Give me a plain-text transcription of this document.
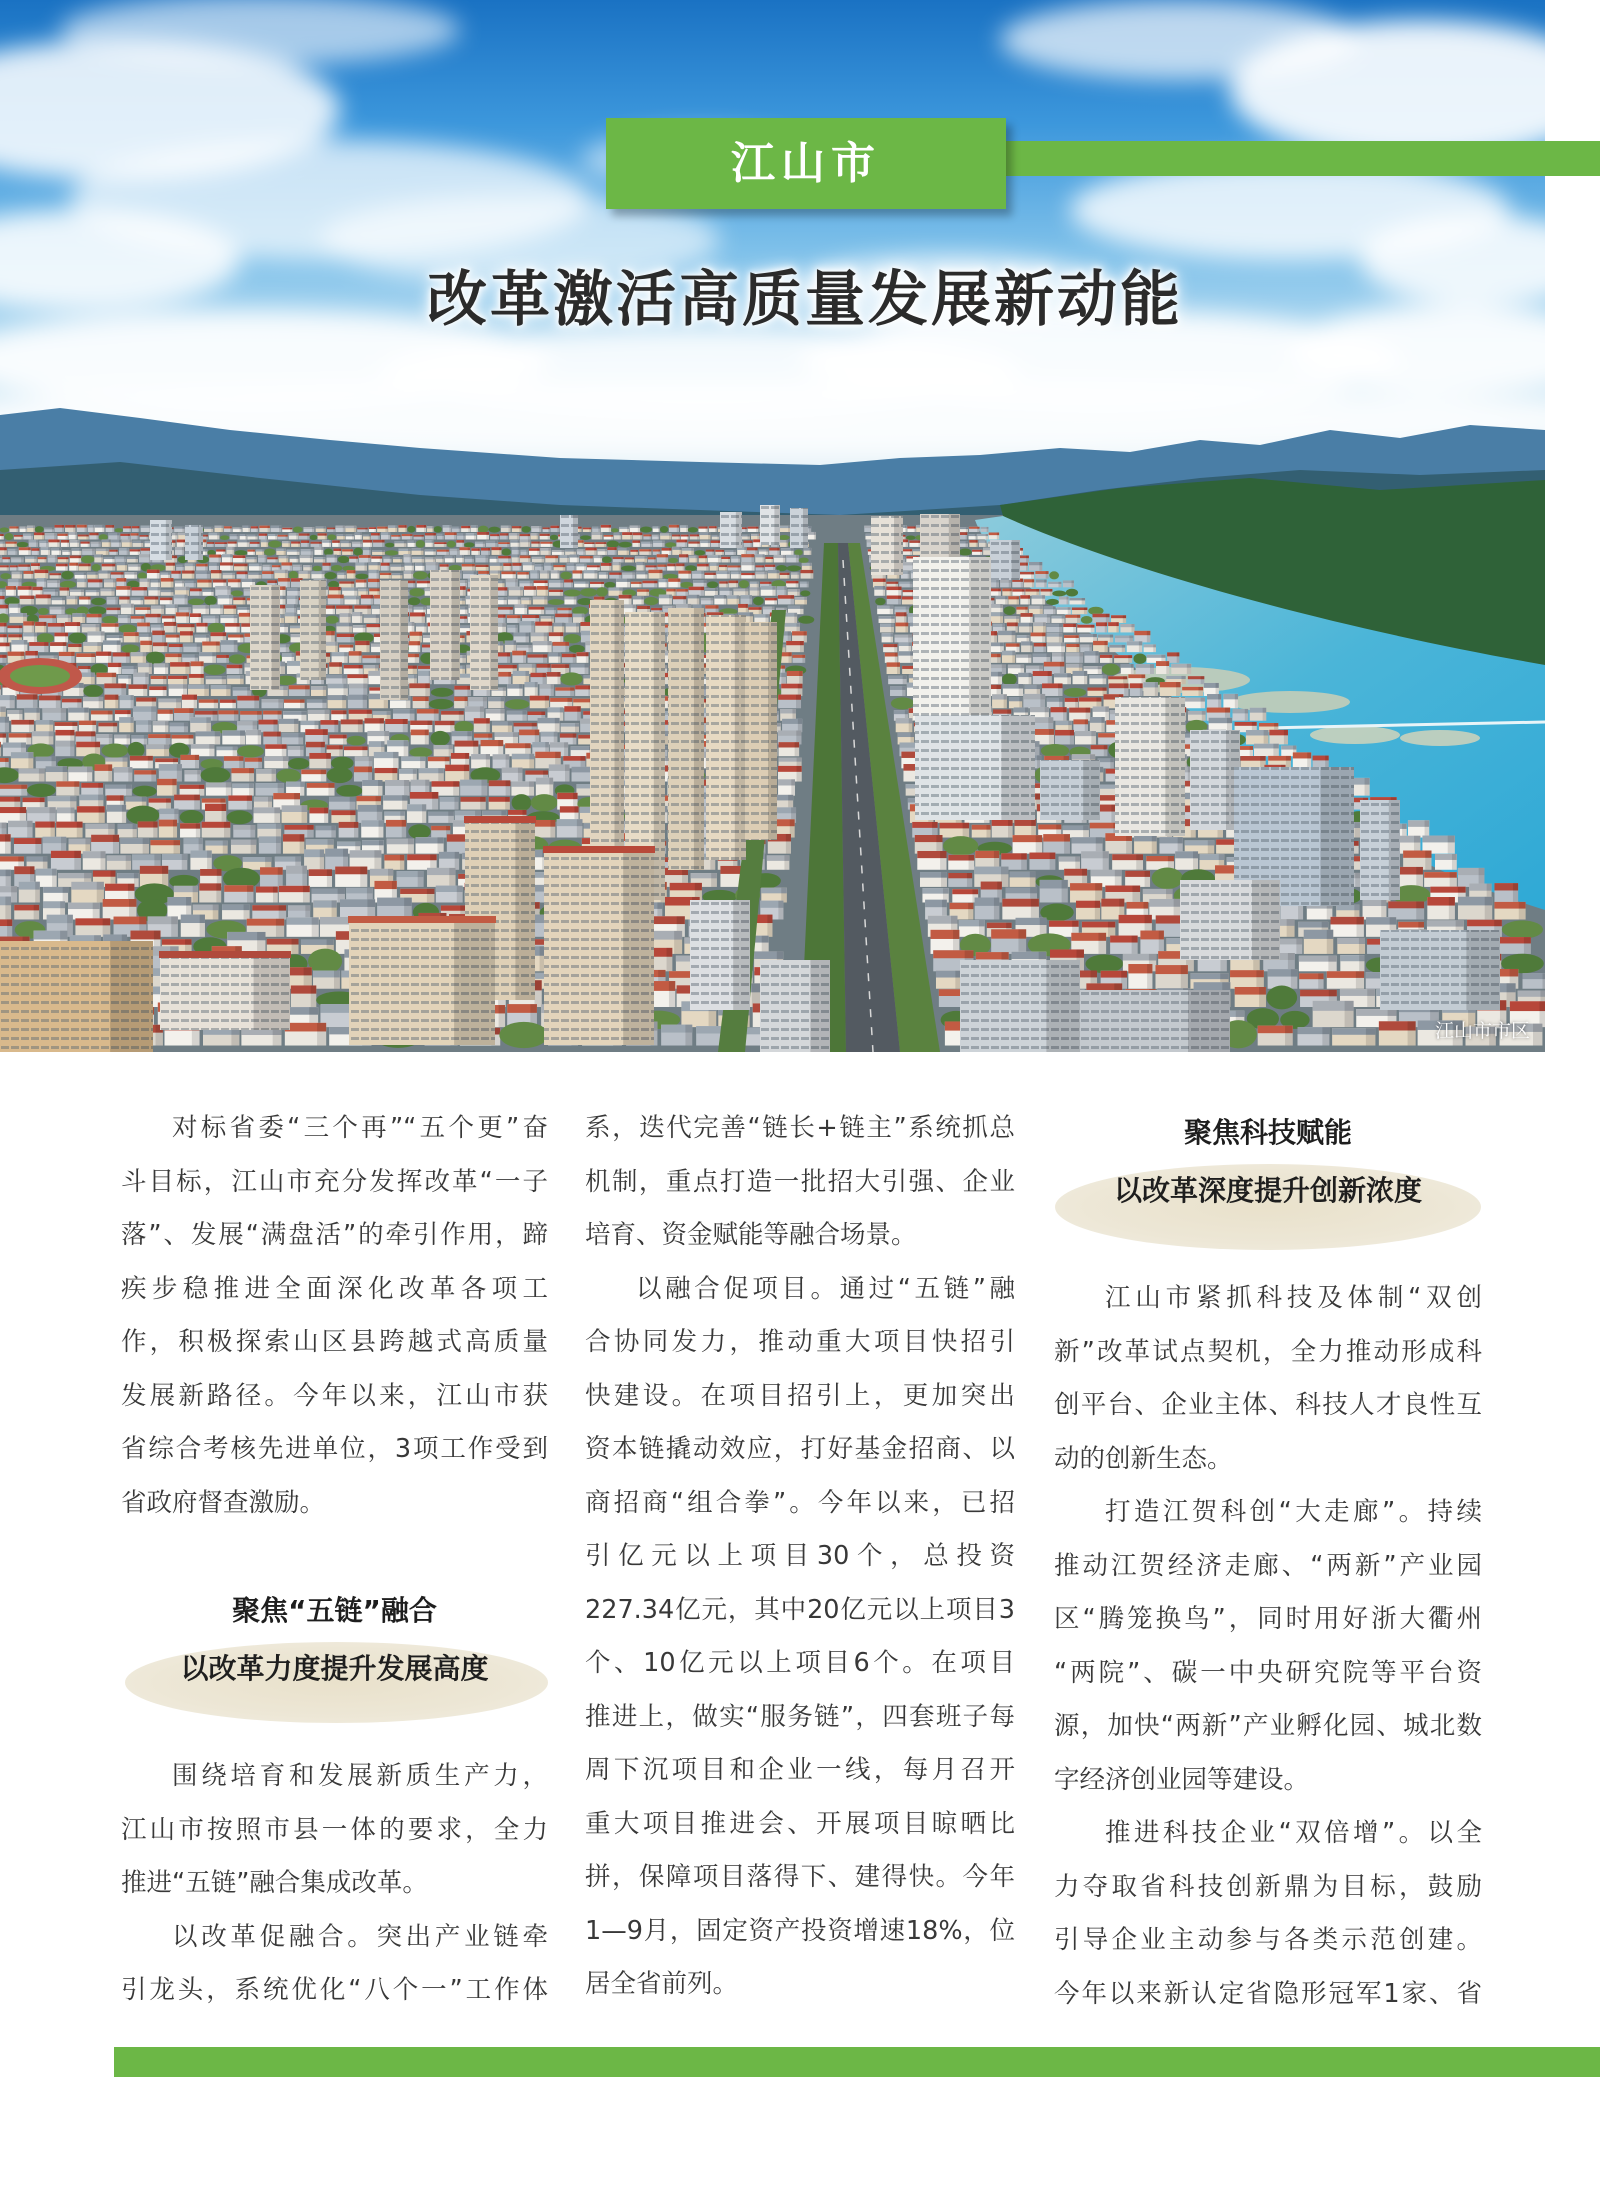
江山市
改革激活高质量发展新动能
江山市市区
对标省委“三个再”“五个更”奋
斗目标，江山市充分发挥改革“一子
落”、发展“满盘活”的牵引作用，蹄
疾步稳推进全面深化改革各项工
作，积极探索山区县跨越式高质量
发展新路径。今年以来，江山市获
省综合考核先进单位，3项工作受到
省政府督查激励。
聚焦“五链”融合
以改革力度提升发展高度
围绕培育和发展新质生产力，
江山市按照市县一体的要求，全力
推进“五链”融合集成改革。
以改革促融合。突出产业链牵
引龙头，系统优化“八个一”工作体
系，迭代完善“链长+链主”系统抓总
机制，重点打造一批招大引强、企业
培育、资金赋能等融合场景。
以融合促项目。通过“五链”融
合协同发力，推动重大项目快招引
快建设。在项目招引上，更加突出
资本链撬动效应，打好基金招商、以
商招商“组合拳”。今年以来，已招
引亿元以上项目30个，总投资
227.34亿元，其中20亿元以上项目3
个、10亿元以上项目6个。在项目
推进上，做实“服务链”，四套班子每
周下沉项目和企业一线，每月召开
重大项目推进会、开展项目晾晒比
拼，保障项目落得下、建得快。今年
1—9月，固定资产投资增速18%，位
居全省前列。
聚焦科技赋能
以改革深度提升创新浓度
江山市紧抓科技及体制“双创
新”改革试点契机，全力推动形成科
创平台、企业主体、科技人才良性互
动的创新生态。
打造江贺科创“大走廊”。持续
推动江贺经济走廊、“两新”产业园
区“腾笼换鸟”，同时用好浙大衢州
“两院”、碳一中央研究院等平台资
源，加快“两新”产业孵化园、城北数
字经济创业园等建设。
推进科技企业“双倍增”。以全
力夺取省科技创新鼎为目标，鼓励
引导企业主动参与各类示范创建。
今年以来新认定省隐形冠军1家、省
